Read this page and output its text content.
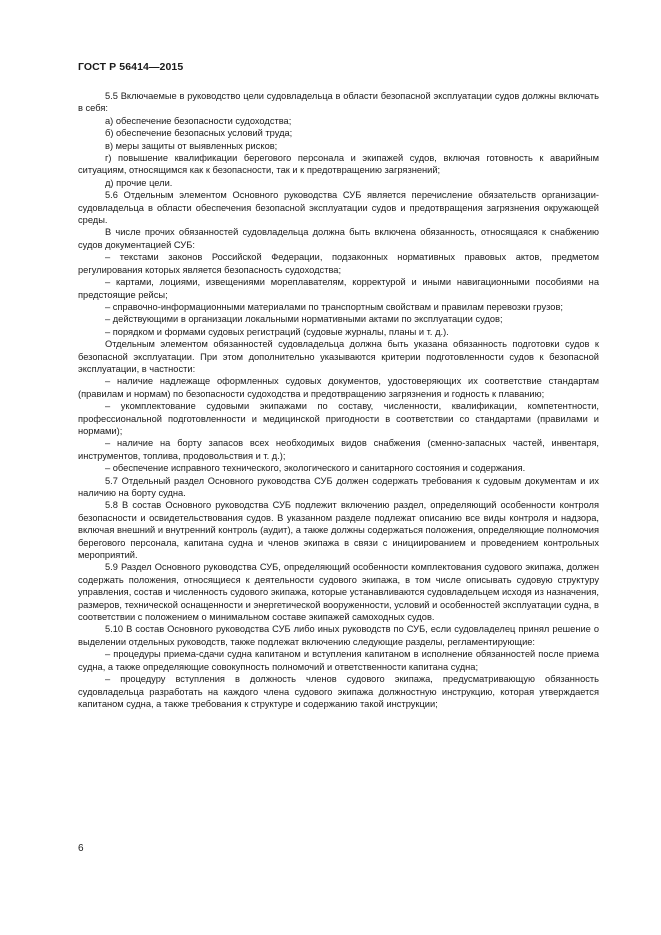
ГОСТ Р 56414—2015

5.5 Включаемые в руководство цели судовладельца в области безопасной эксплуатации судов должны включать в себя:

а) обеспечение безопасности судоходства;

б) обеспечение безопасных условий труда;

в) меры защиты от выявленных рисков;

г) повышение квалификации берегового персонала и экипажей судов, включая готовность к аварийным ситуациям, относящимся как к безопасности, так и к предотвращению загрязнений;

д) прочие цели.

5.6 Отдельным элементом Основного руководства СУБ является перечисление обязательств организации-судовладельца в области обеспечения безопасной эксплуатации судов и предотвращения загрязнения окружающей среды.

В числе прочих обязанностей судовладельца должна быть включена обязанность, относящаяся к снабжению судов документацией СУБ:

– текстами законов Российской Федерации, подзаконных нормативных правовых актов, предметом регулирования которых является безопасность судоходства;

– картами, лоциями, извещениями мореплавателям, корректурой и иными навигационными пособиями на предстоящие рейсы;

– справочно-информационными материалами по транспортным свойствам и правилам перевозки грузов;

– действующими в организации локальными нормативными актами по эксплуатации судов;

– порядком и формами судовых регистраций (судовые журналы, планы и т. д.).

Отдельным элементом обязанностей судовладельца должна быть указана обязанность подготовки судов к безопасной эксплуатации. При этом дополнительно указываются критерии подготовленности судов к безопасной эксплуатации, в частности:

– наличие надлежаще оформленных судовых документов, удостоверяющих их соответствие стандартам (правилам и нормам) по безопасности судоходства и предотвращению загрязнения и годность к плаванию;

– укомплектование судовыми экипажами по составу, численности, квалификации, компетентности, профессиональной подготовленности и медицинской пригодности в соответствии со стандартами (правилами и нормами);

– наличие на борту запасов всех необходимых видов снабжения (сменно-запасных частей, инвентаря, инструментов, топлива, продовольствия и т. д.);

– обеспечение исправного технического, экологического и санитарного состояния и содержания.

5.7 Отдельный раздел Основного руководства СУБ должен содержать требования к судовым документам и их наличию на борту судна.

5.8 В состав Основного руководства СУБ подлежит включению раздел, определяющий особенности контроля безопасности и освидетельствования судов. В указанном разделе подлежат описанию все виды контроля и надзора, включая внешний и внутренний контроль (аудит), а также должны содержаться положения, определяющие полномочия берегового персонала, капитана судна и членов экипажа в связи с инициированием и проведением контрольных мероприятий.

5.9 Раздел Основного руководства СУБ, определяющий особенности комплектования судового экипажа, должен содержать положения, относящиеся к деятельности судового экипажа, в том числе описывать судовую структуру управления, состав и численность судового экипажа, которые устанавливаются судовладельцем исходя из назначения, размеров, технической оснащенности и энергетической вооруженности, условий и особенностей эксплуатации судна, в соответствии с положением о минимальном составе экипажей самоходных судов.

5.10 В состав Основного руководства СУБ либо иных руководств по СУБ, если судовладелец принял решение о выделении отдельных руководств, также подлежат включению следующие разделы, регламентирующие:

– процедуры приема-сдачи судна капитаном и вступления капитаном в исполнение обязанностей после приема судна, а также определяющие совокупность полномочий и ответственности капитана судна;

– процедуру вступления в должность членов судового экипажа, предусматривающую обязанность судовладельца разработать на каждого члена судового экипажа должностную инструкцию, которая утверждается капитаном судна, а также требования к структуре и содержанию такой инструкции;

6
